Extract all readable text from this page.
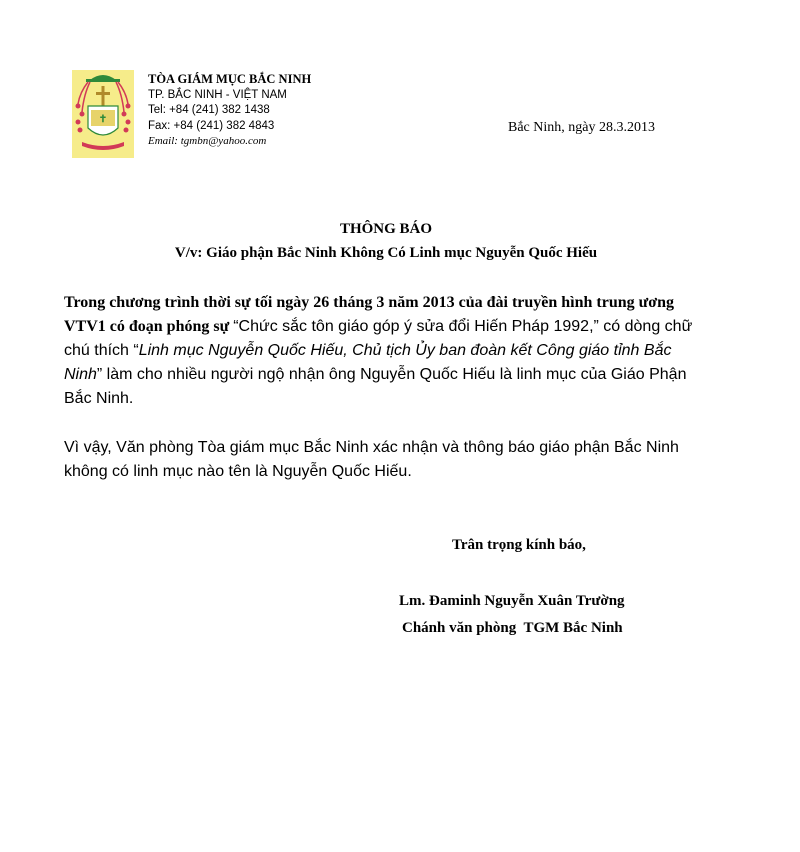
✝
TÒA GIÁM MỤC BẮC NINH
TP. BẮC NINH - VIỆT NAM
Tel: +84 (241) 382 1438
Fax: +84 (241) 382 4843
Email: tgmbn@yahoo.com
Bắc Ninh, ngày 28.3.2013
THÔNG BÁO
V/v: Giáo phận Bắc Ninh Không Có Linh mục Nguyễn Quốc Hiếu
Trong chương trình thời sự tối ngày 26 tháng 3 năm 2013 của đài truyền hình trung ương VTV1 có đoạn phóng sự “Chức sắc tôn giáo góp ý sửa đổi Hiến Pháp 1992,” có dòng chữ chú thích “Linh mục Nguyễn Quốc Hiếu, Chủ tịch Ủy ban đoàn kết Công giáo tỉnh Bắc Ninh” làm cho nhiều người ngộ nhận ông Nguyễn Quốc Hiếu là linh mục của Giáo Phận Bắc Ninh.
Vì vậy, Văn phòng Tòa giám mục Bắc Ninh xác nhận và thông báo giáo phận Bắc Ninh không có linh mục nào tên là Nguyễn Quốc Hiếu.
Trân trọng kính báo,
Lm. Đaminh Nguyễn Xuân Trường
Chánh văn phòng  TGM Bắc Ninh
